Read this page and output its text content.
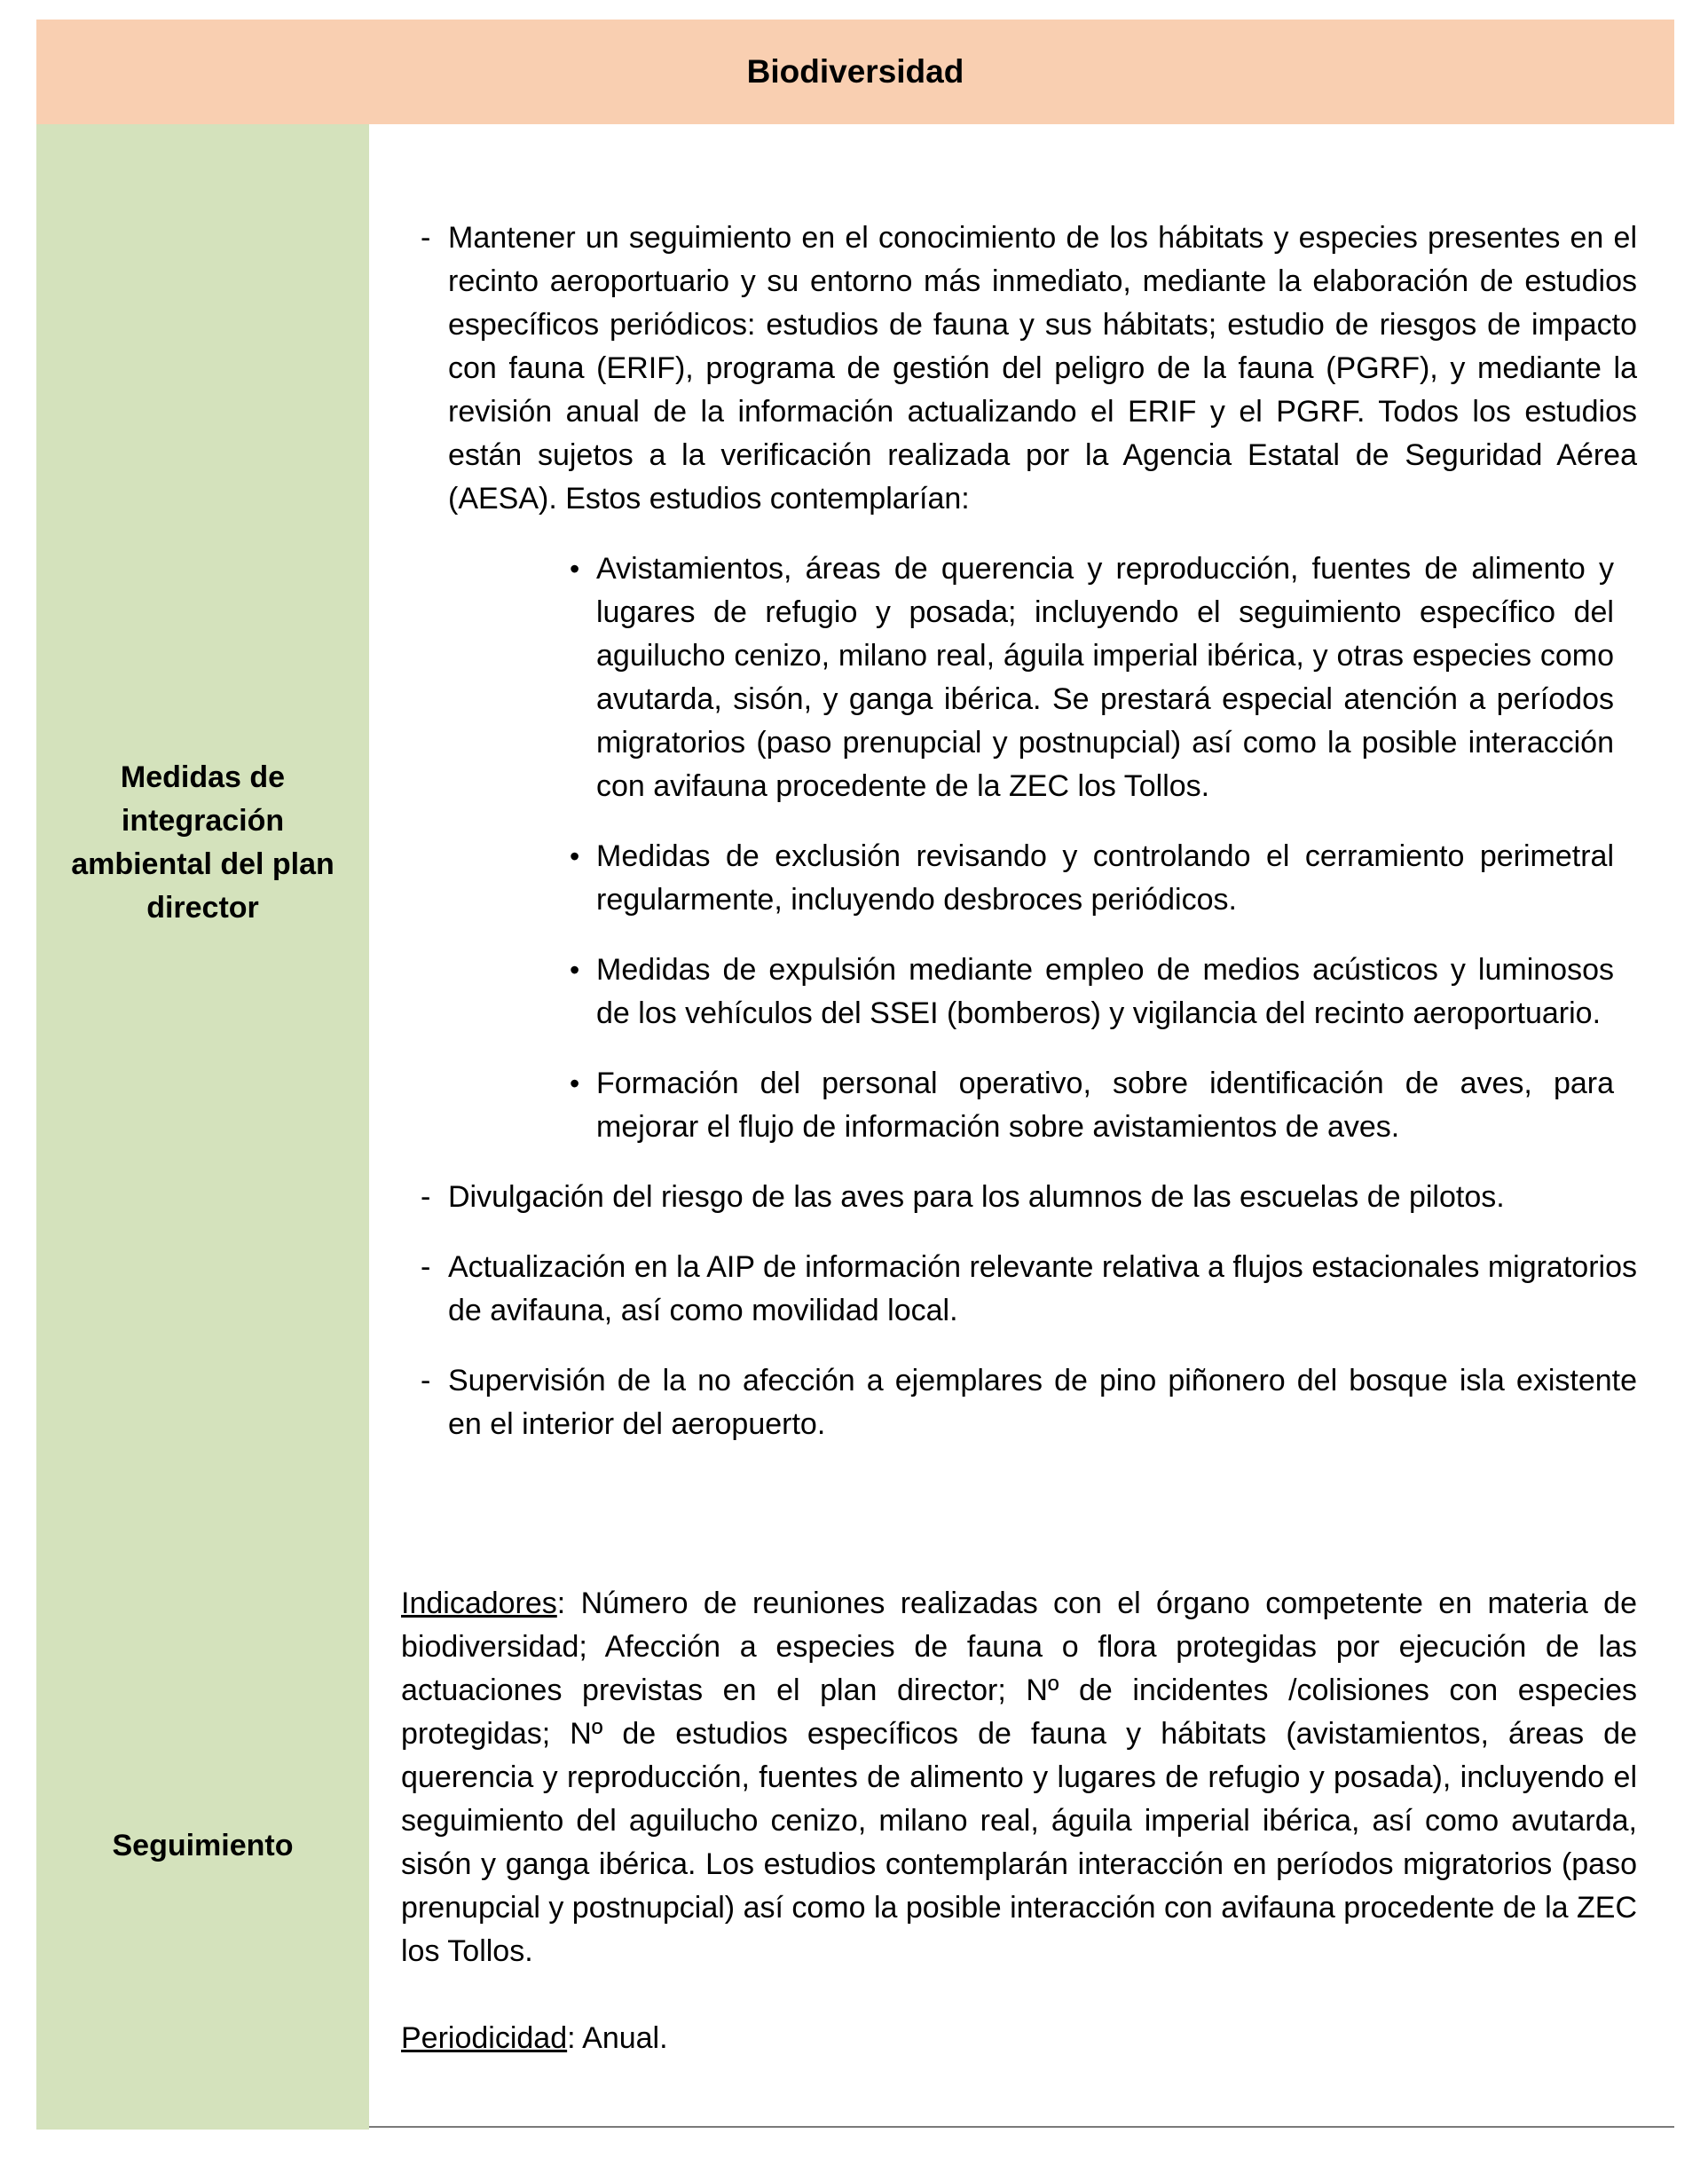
Biodiversidad

Medidas de integración ambiental del plan director

- Mantener un seguimiento en el conocimiento de los hábitats y especies presentes en el recinto aeroportuario y su entorno más inmediato, mediante la elaboración de estudios específicos periódicos: estudios de fauna y sus hábitats; estudio de riesgos de impacto con fauna (ERIF), programa de gestión del peligro de la fauna (PGRF), y mediante la revisión anual de la información actualizando el ERIF y el PGRF. Todos los estudios están sujetos a la verificación realizada por la Agencia Estatal de Seguridad Aérea (AESA). Estos estudios contemplarían:
• Avistamientos, áreas de querencia y reproducción, fuentes de alimento y lugares de refugio y posada; incluyendo el seguimiento específico del aguilucho cenizo, milano real, águila imperial ibérica, y otras especies como avutarda, sisón, y ganga ibérica. Se prestará especial atención a períodos migratorios (paso prenupcial y postnupcial) así como la posible interacción con avifauna procedente de la ZEC los Tollos.
• Medidas de exclusión revisando y controlando el cerramiento perimetral regularmente, incluyendo desbroces periódicos.
• Medidas de expulsión mediante empleo de medios acústicos y luminosos de los vehículos del SSEI (bomberos) y vigilancia del recinto aeroportuario.
• Formación del personal operativo, sobre identificación de aves, para mejorar el flujo de información sobre avistamientos de aves.
- Divulgación del riesgo de las aves para los alumnos de las escuelas de pilotos.
- Actualización en la AIP de información relevante relativa a flujos estacionales migratorios de avifauna, así como movilidad local.
- Supervisión de la no afección a ejemplares de pino piñonero del bosque isla existente en el interior del aeropuerto.

Seguimiento

Indicadores: Número de reuniones realizadas con el órgano competente en materia de biodiversidad; Afección a especies de fauna o flora protegidas por ejecución de las actuaciones previstas en el plan director; Nº de incidentes /colisiones con especies protegidas; Nº de estudios específicos de fauna y hábitats (avistamientos, áreas de querencia y reproducción, fuentes de alimento y lugares de refugio y posada), incluyendo el seguimiento del aguilucho cenizo, milano real, águila imperial ibérica, así como avutarda, sisón y ganga ibérica. Los estudios contemplarán interacción en períodos migratorios (paso prenupcial y postnupcial) así como la posible interacción con avifauna procedente de la ZEC los Tollos.

Periodicidad: Anual.
